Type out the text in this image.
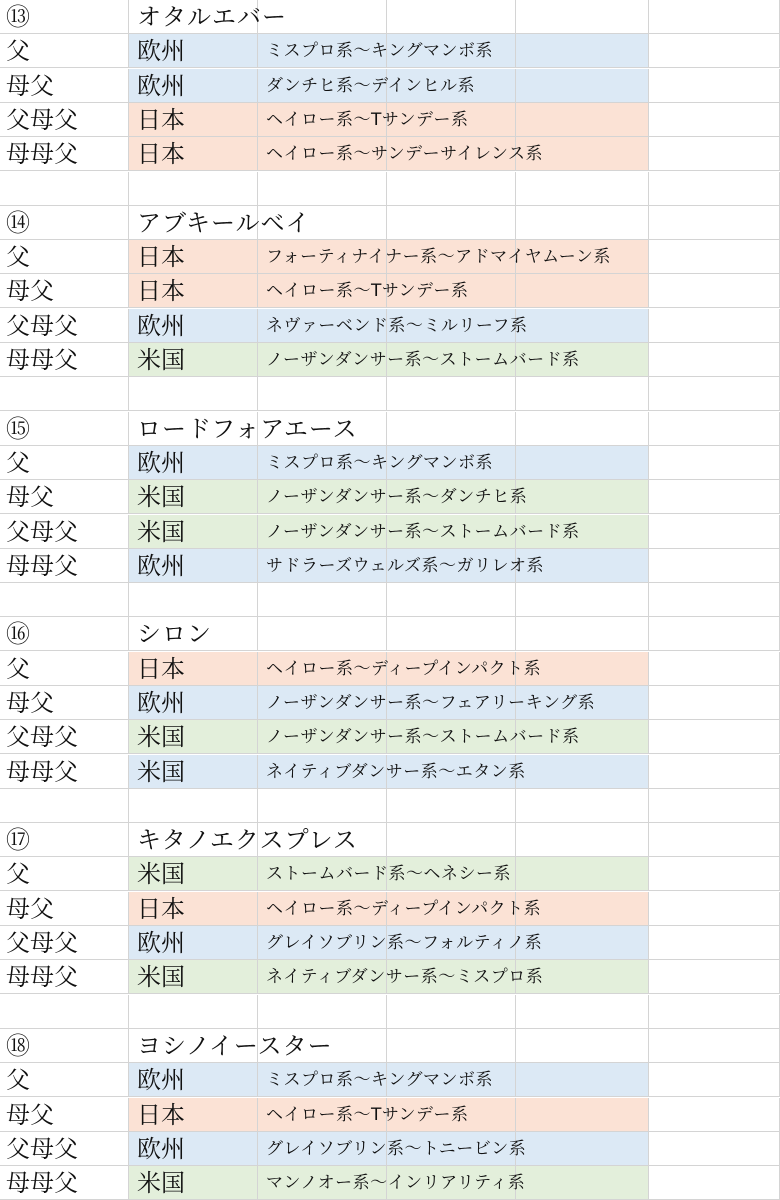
⑬	オタルエバー
父	欧州	ミスプロ系〜キングマンボ系
母父	欧州	ダンチヒ系〜デインヒル系
父母父 日本	ヘイロー系〜Tサンデー系
母母父 日本	ヘイロー系〜サンデーサイレンス系
⑭	アブキールベイ
父	日本	フォーティナイナー系〜アドマイヤムーン系
母父	日本	ヘイロー系〜Tサンデー系
父母父 欧州	ネヴァーベンド系〜ミルリーフ系
母母父 米国	ノーザンダンサー系〜ストームバード系
⑮	ロードフォアエース
父	欧州	ミスプロ系〜キングマンボ系
母父	米国	ノーザンダンサー系〜ダンチヒ系
父母父 米国	ノーザンダンサー系〜ストームバード系
母母父 欧州	サドラーズウェルズ系〜ガリレオ系
⑯	シロン
父	日本	ヘイロー系〜ディープインパクト系
母父	欧州	ノーザンダンサー系〜フェアリーキング系
父母父 米国	ノーザンダンサー系〜ストームバード系
母母父 米国	ネイティブダンサー系〜エタン系
⑰	キタノエクスプレス
父	米国	ストームバード系〜ヘネシー系
母父	日本	ヘイロー系〜ディープインパクト系
父母父 欧州	グレイソブリン系〜フォルティノ系
母母父 米国	ネイティブダンサー系〜ミスプロ系
⑱	ヨシノイースター
父	欧州	ミスプロ系〜キングマンボ系
母父	日本	ヘイロー系〜Tサンデー系
父母父 欧州	グレイソブリン系〜トニービン系
母母父 米国	マンノオー系〜インリアリティ系
